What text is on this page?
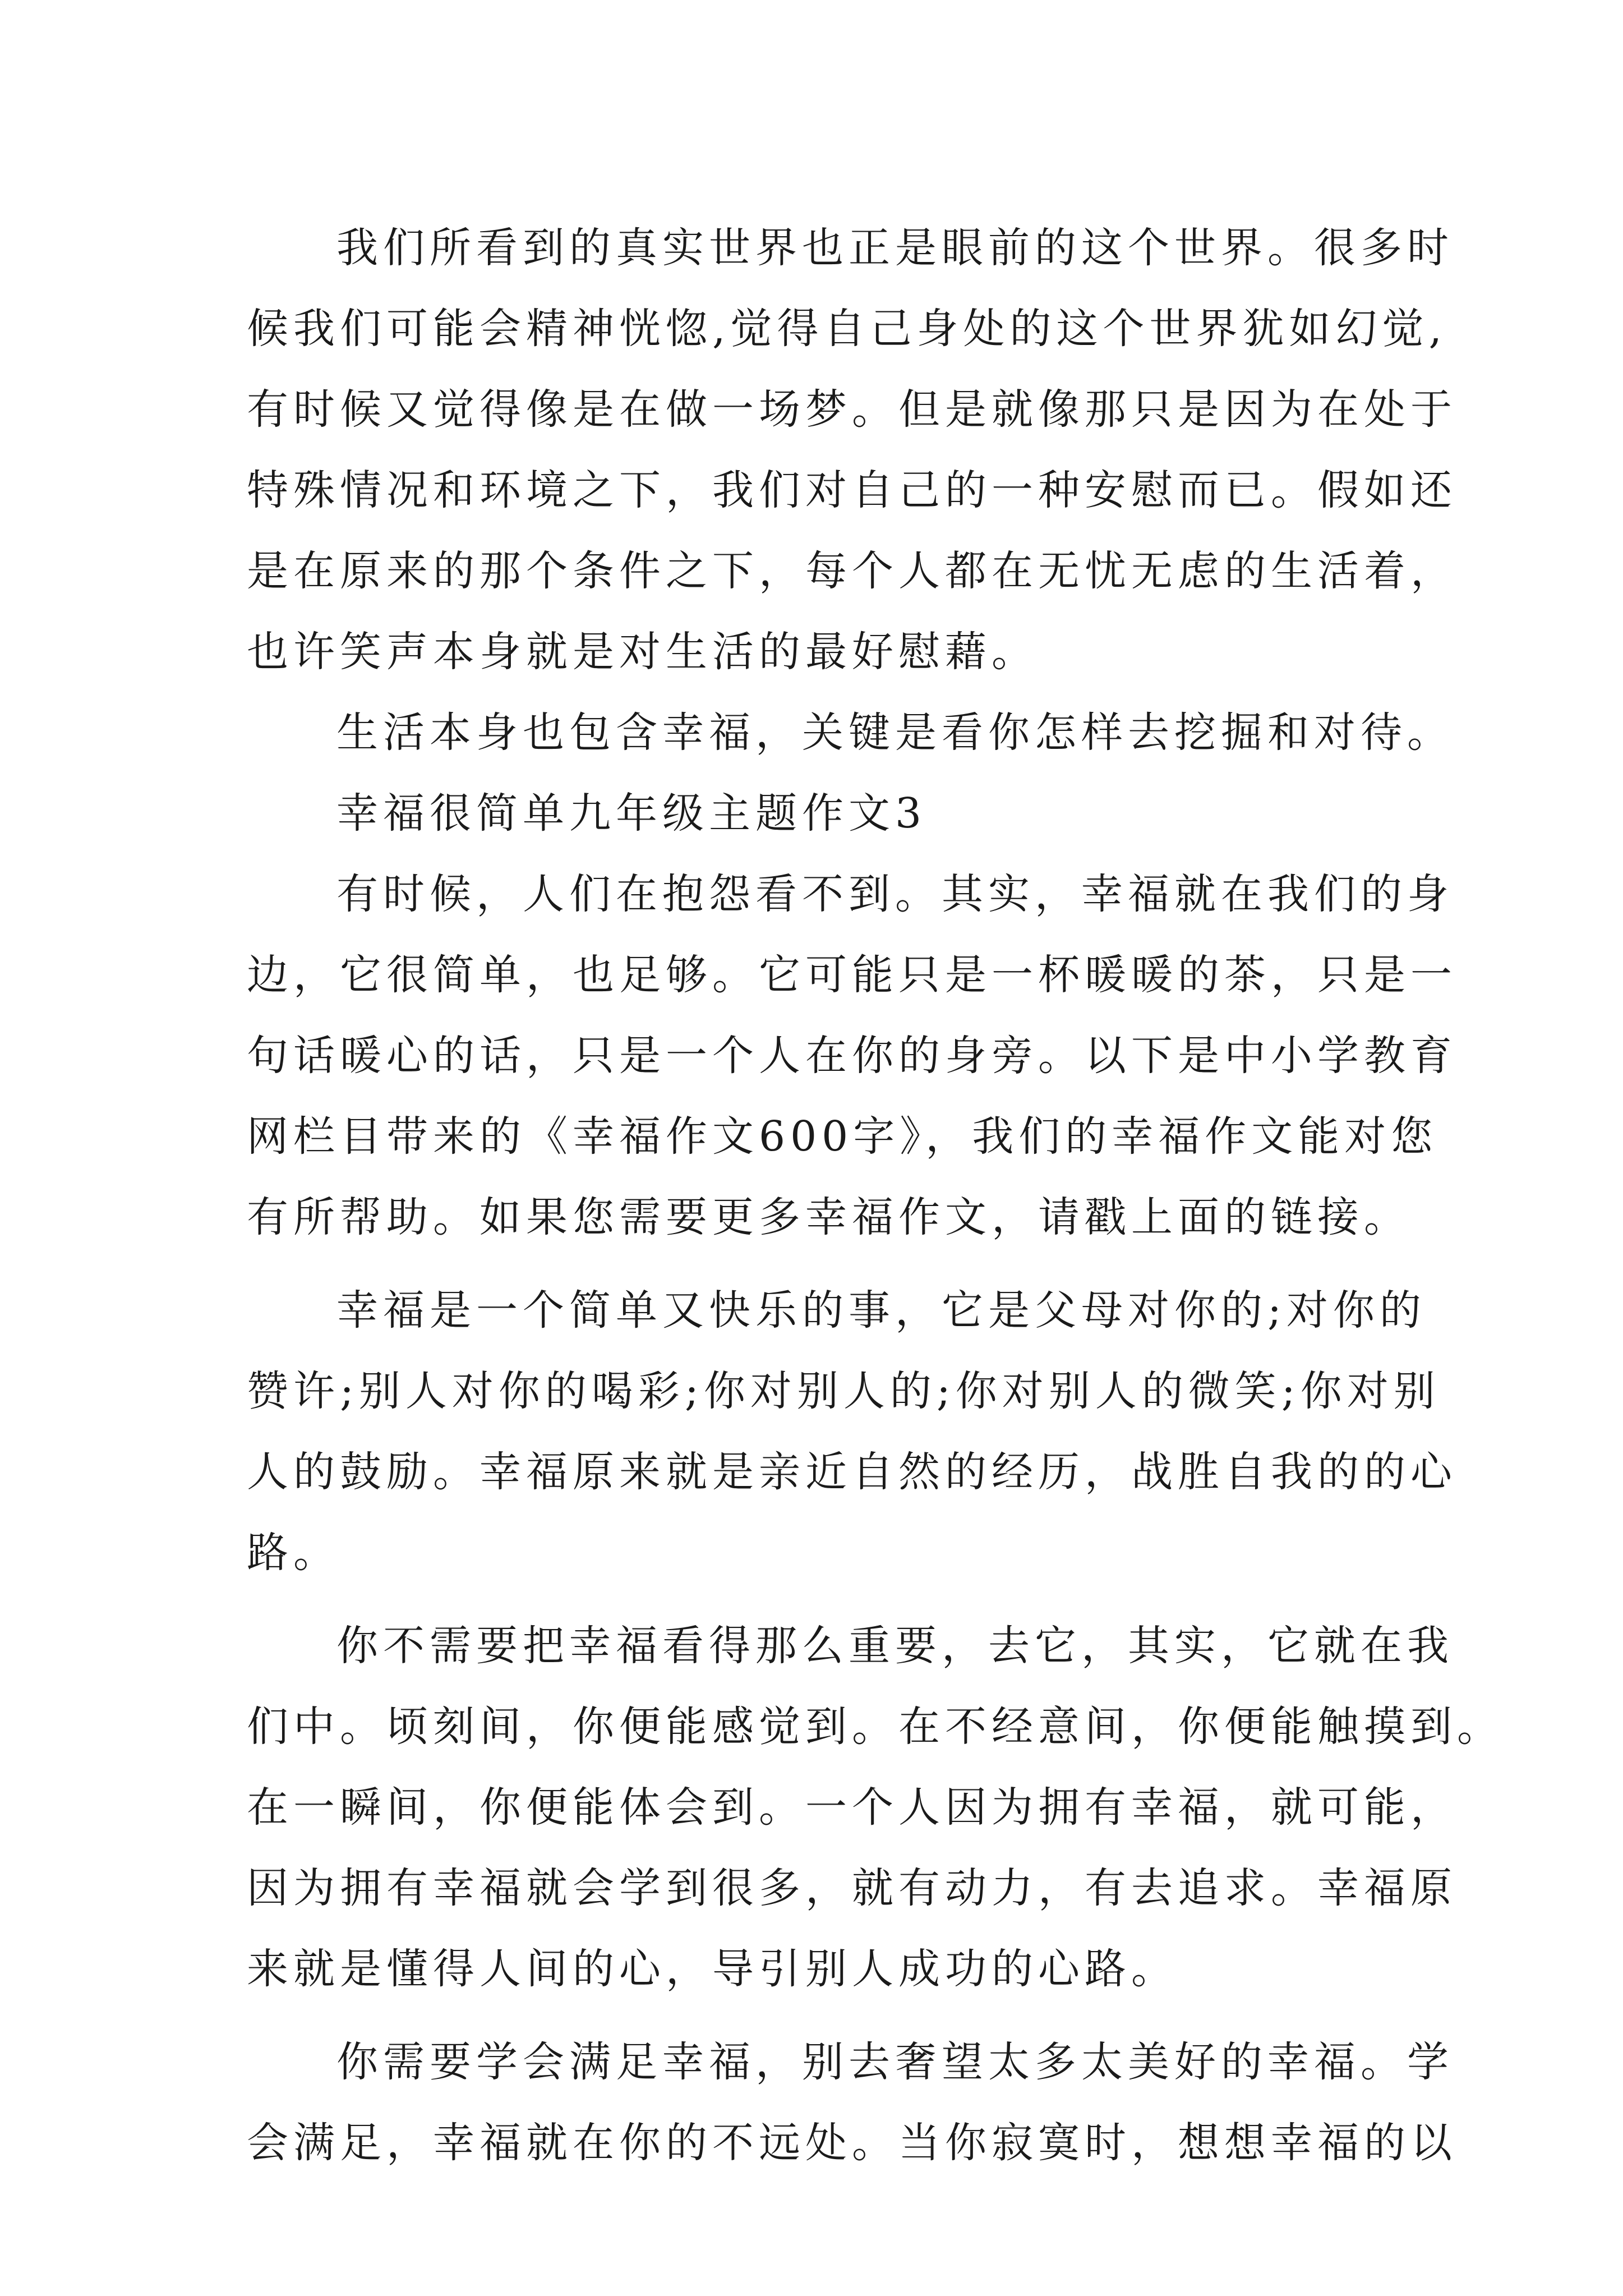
我们所看到的真实世界也正是眼前的这个世界。很多时
候我们可能会精神恍惚,觉得自己身处的这个世界犹如幻觉,
有时候又觉得像是在做一场梦。但是就像那只是因为在处于
特殊情况和环境之下，我们对自己的一种安慰而已。假如还
是在原来的那个条件之下，每个人都在无忧无虑的生活着，
也许笑声本身就是对生活的最好慰藉。
生活本身也包含幸福，关键是看你怎样去挖掘和对待。
幸福很简单九年级主题作文3
有时候，人们在抱怨看不到。其实，幸福就在我们的身
边，它很简单，也足够。它可能只是一杯暖暖的茶，只是一
句话暖心的话，只是一个人在你的身旁。以下是中小学教育
网栏目带来的《幸福作文600字》，我们的幸福作文能对您
有所帮助。如果您需要更多幸福作文，请戳上面的链接。
幸福是一个简单又快乐的事，它是父母对你的;对你的
赞许;别人对你的喝彩;你对别人的;你对别人的微笑;你对别
人的鼓励。幸福原来就是亲近自然的经历，战胜自我的的心
路。
你不需要把幸福看得那么重要，去它，其实，它就在我
们中。顷刻间，你便能感觉到。在不经意间，你便能触摸到。
在一瞬间，你便能体会到。一个人因为拥有幸福，就可能，
因为拥有幸福就会学到很多，就有动力，有去追求。幸福原
来就是懂得人间的心，导引别人成功的心路。
你需要学会满足幸福，别去奢望太多太美好的幸福。学
会满足，幸福就在你的不远处。当你寂寞时，想想幸福的以
